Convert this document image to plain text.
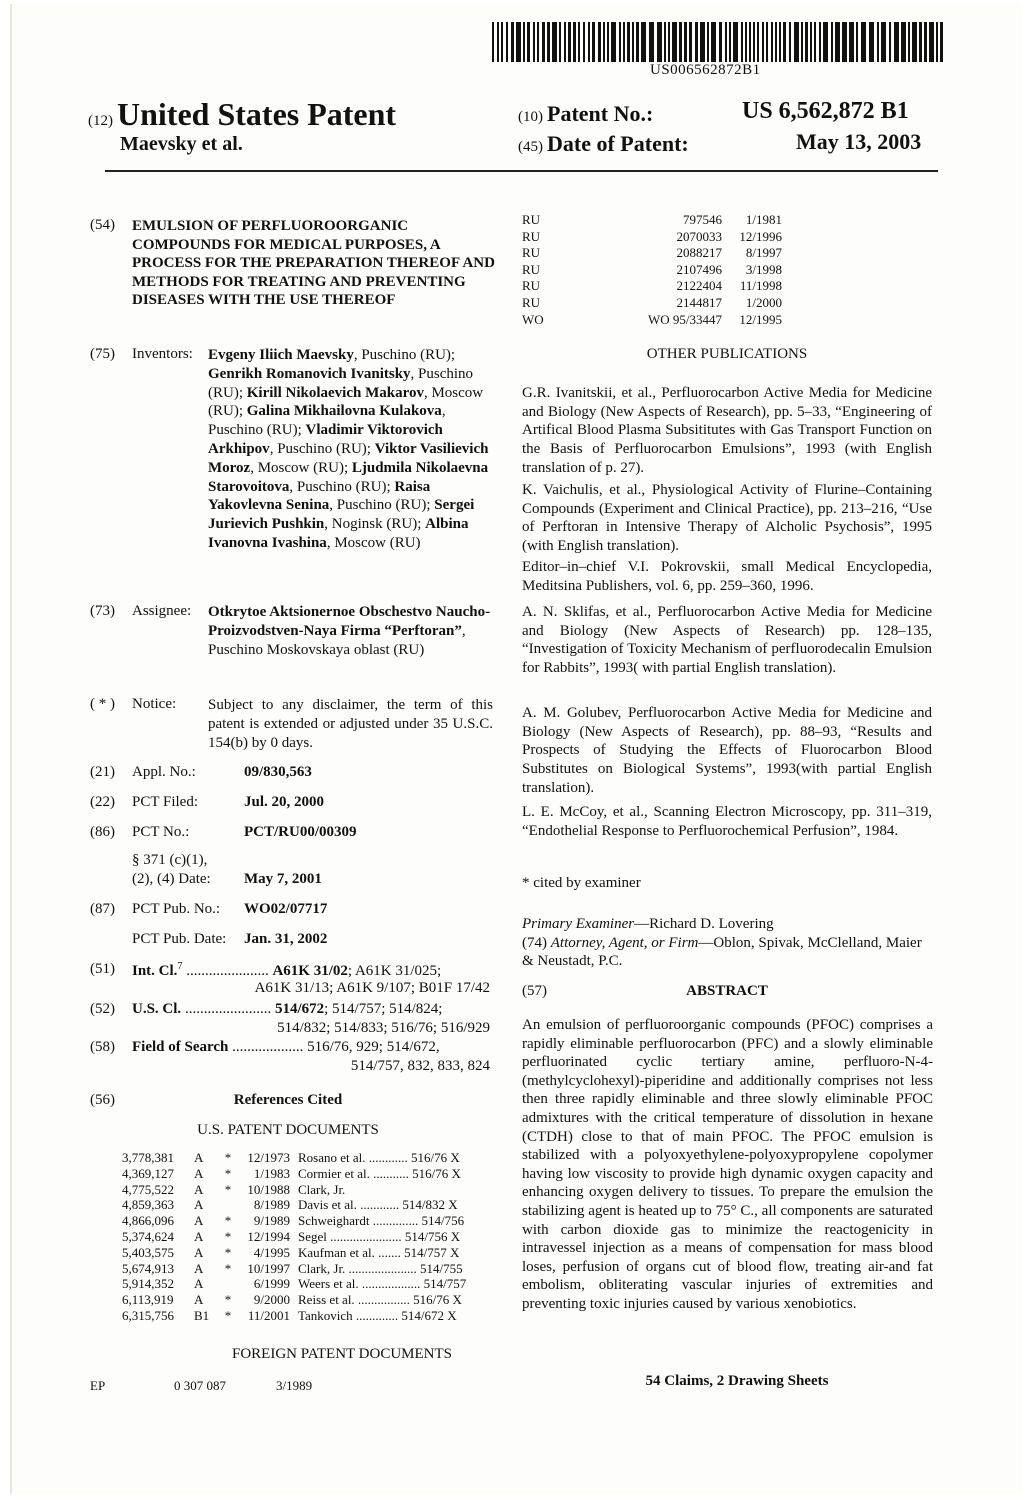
US006562872B1
(12) United States Patent
Maevsky et al.
(10) Patent No.:	US 6,562,872 B1
(45) Date of Patent:	May 13, 2003
(54)	EMULSION OF PERFLUOROORGANIC COMPOUNDS FOR MEDICAL PURPOSES, A PROCESS FOR THE PREPARATION THEREOF AND METHODS FOR TREATING AND PREVENTING DISEASES WITH THE USE THEREOF
(75)	Inventors: Evgeny Iliich Maevsky, Puschino (RU); Genrikh Romanovich Ivanitsky, Puschino (RU); Kirill Nikolaevich Makarov, Moscow (RU); Galina Mikhailovna Kulakova, Puschino (RU); Vladimir Viktorovich Arkhipov, Puschino (RU); Viktor Vasilievich Moroz, Moscow (RU); Ljudmila Nikolaevna Starovoitova, Puschino (RU); Raisa Yakovlevna Senina, Puschino (RU); Sergei Jurievich Pushkin, Noginsk (RU); Albina Ivanovna Ivashina, Moscow (RU)
(73)	Assignee: Otkrytoe Aktsionernoe Obschestvo Naucho-Proizvodstven-Naya Firma “Perftoran”, Puschino Moskovskaya oblast (RU)
( * )	Notice: Subject to any disclaimer, the term of this patent is extended or adjusted under 35 U.S.C. 154(b) by 0 days.
(21)	Appl. No.:	09/830,563
(22)	PCT Filed:	Jul. 20, 2000
(86)	PCT No.:	PCT/RU00/00309
§ 371 (c)(1),
(2), (4) Date: May 7, 2001
(87)	PCT Pub. No.: WO02/07717
PCT Pub. Date: Jan. 31, 2002
(51)	Int. Cl.$^7$ ...................... A61K 31/02; A61K 31/025;
A61K 31/13; A61K 9/107; B01F 17/42
(52)	U.S. Cl. ....................... 514/672; 514/757; 514/824;
514/832; 514/833; 516/76; 516/929
(58)	Field of Search ................... 516/76, 929; 514/672,
514/757, 832, 833, 824
(56)	References Cited
U.S. PATENT DOCUMENTS
3,778,381	A	*	12/1973 Rosano et al. ............ 516/76 X
4,369,127	A	*	1/1983 Cormier et al. ........... 516/76 X
4,775,522	A	*	10/1988 Clark, Jr.
4,859,363	A	8/1989 Davis et al. ............ 514/832 X
4,866,096	A	*	9/1989 Schweighardt .............. 514/756
5,374,624	A	*	12/1994 Segel ...................... 514/756 X
5,403,575	A	*	4/1995 Kaufman et al. ....... 514/757 X
5,674,913	A	*	10/1997 Clark, Jr. ..................... 514/755
5,914,352	A	6/1999 Weers et al. .................. 514/757
6,113,919	A	*	9/2000 Reiss et al. ................ 516/76 X
6,315,756	B1	*	11/2001 Tankovich ............. 514/672 X
FOREIGN PATENT DOCUMENTS
EP	0 307 087	3/1989
RU	797546	1/1981
RU	2070033	12/1996
RU	2088217	8/1997
RU	2107496	3/1998
RU	2122404	11/1998
RU	2144817	1/2000
WO	WO 95/33447	12/1995
OTHER PUBLICATIONS
G.R. Ivanitskii, et al., Perfluorocarbon Active Media for Medicine and Biology (New Aspects of Research), pp. 5–33, “Engineering of Artifical Blood Plasma Subsititutes with Gas Transport Function on the Basis of Perfluorocarbon Emulsions”, 1993 (with English translation of p. 27).
K. Vaichulis, et al., Physiological Activity of Flurine–Containing Compounds (Experiment and Clinical Practice), pp. 213–216, “Use of Perftoran in Intensive Therapy of Alcholic Psychosis”, 1995 (with English translation).
Editor–in–chief V.I. Pokrovskii, small Medical Encyclopedia, Meditsina Publishers, vol. 6, pp. 259–360, 1996.
A. N. Sklifas, et al., Perfluorocarbon Active Media for Medicine and Biology (New Aspects of Research) pp. 128–135, “Investigation of Toxicity Mechanism of perfluorodecalin Emulsion for Rabbits”, 1993( with partial English translation).
A. M. Golubev, Perfluorocarbon Active Media for Medicine and Biology (New Aspects of Research), pp. 88–93, “Results and Prospects of Studying the Effects of Fluorocarbon Blood Substitutes on Biological Systems”, 1993(with partial English translation).
L. E. McCoy, et al., Scanning Electron Microscopy, pp. 311–319, “Endothelial Response to Perfluorochemical Perfusion”, 1984.
* cited by examiner
Primary Examiner—Richard D. Lovering
(74) Attorney, Agent, or Firm—Oblon, Spivak, McClelland, Maier & Neustadt, P.C.
(57)	ABSTRACT
An emulsion of perfluoroorganic compounds (PFOC) comprises a rapidly eliminable perfluorocarbon (PFC) and a slowly eliminable perfluorinated cyclic tertiary amine, perfluoro-N-4-(methylcyclohexyl)-piperidine and additionally comprises not less then three rapidly eliminable and three slowly eliminable PFOC admixtures with the critical temperature of dissolution in hexane (CTDH) close to that of main PFOC. The PFOC emulsion is stabilized with a polyoxyethylene-polyoxypropylene copolymer having low viscosity to provide high dynamic oxygen capacity and enhancing oxygen delivery to tissues. To prepare the emulsion the stabilizing agent is heated up to 75° C., all components are saturated with carbon dioxide gas to minimize the reactogenicity in intravessel injection as a means of compensation for mass blood loses, perfusion of organs cut of blood flow, treating air-and fat embolism, obliterating vascular injuries of extremities and preventing toxic injuries caused by various xenobiotics.
54 Claims, 2 Drawing Sheets
